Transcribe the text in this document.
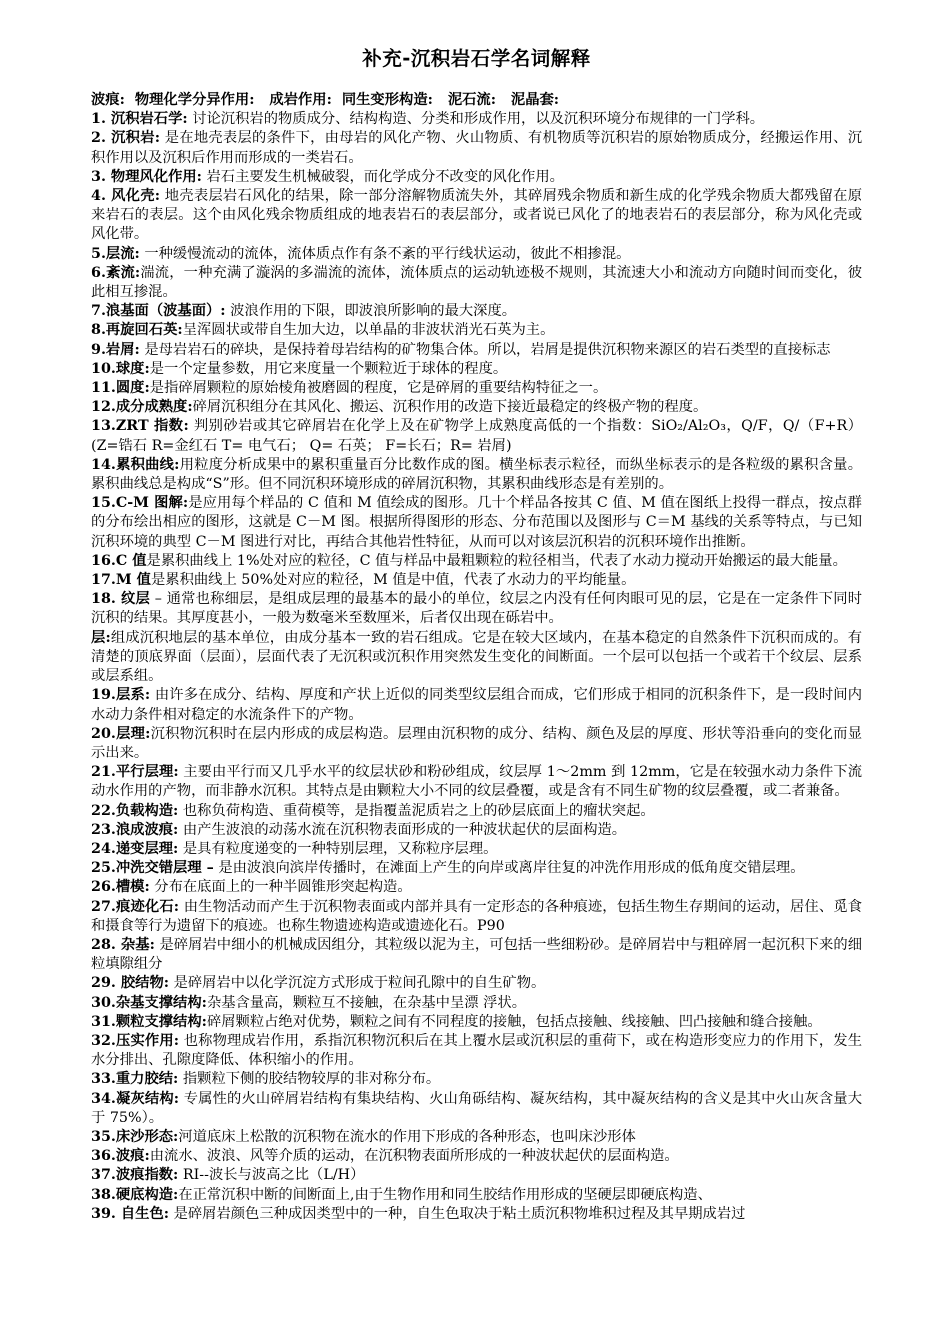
补充-沉积岩石学名词解释
波痕:  物理化学分异作用:   成岩作用:  同生变形构造:   泥石流:   泥晶套:

1. 沉积岩石学: 讨论沉积岩的物质成分、结构构造、分类和形成作用，以及沉积环境分布规律的一门学科。

2. 沉积岩: 是在地壳表层的条件下，由母岩的风化产物、火山物质、有机物质等沉积岩的原始物质成分，经搬运作用、沉积作用以及沉积后作用而形成的一类岩石。

3. 物理风化作用: 岩石主要发生机械破裂，而化学成分不改变的风化作用。

4. 风化壳: 地壳表层岩石风化的结果，除一部分溶解物质流失外，其碎屑残余物质和新生成的化学残余物质大都残留在原来岩石的表层。这个由风化残余物质组成的地表岩石的表层部分，或者说已风化了的地表岩石的表层部分，称为风化壳或风化带。

5.层流: 一种缓慢流动的流体，流体质点作有条不紊的平行线状运动，彼此不相掺混。

6.紊流:湍流，一种充满了漩涡的多湍流的流体，流体质点的运动轨迹极不规则，其流速大小和流动方向随时间而变化，彼此相互掺混。

7.浪基面（波基面）: 波浪作用的下限，即波浪所影响的最大深度。

8.再旋回石英:呈浑圆状或带自生加大边，以单晶的非波状消光石英为主。

9.岩屑: 是母岩岩石的碎块，是保持着母岩结构的矿物集合体。所以，岩屑是提供沉积物来源区的岩石类型的直接标志

10.球度:是一个定量参数，用它来度量一个颗粒近于球体的程度。

11.圆度:是指碎屑颗粒的原始棱角被磨圆的程度，它是碎屑的重要结构特征之一。

12.成分成熟度:碎屑沉积组分在其风化、搬运、沉积作用的改造下接近最稳定的终极产物的程度。

13.ZRT 指数: 判别砂岩或其它碎屑岩在化学上及在矿物学上成熟度高低的一个指数：SiO₂/Al₂O₃，Q/F，Q/（F+R）(Z=锆石 R=金红石 T= 电气石； Q= 石英； F=长石；R= 岩屑)

14.累积曲线:用粒度分析成果中的累积重量百分比数作成的图。横坐标表示粒径，而纵坐标表示的是各粒级的累积含量。累积曲线总是构成“S”形。但不同沉积环境形成的碎屑沉积物，其累积曲线形态是有差别的。

15.C-M 图解:是应用每个样品的 C 值和 M 值绘成的图形。几十个样品各按其 C 值、M 值在图纸上投得一群点，按点群的分布绘出相应的图形，这就是 C－M 图。根据所得图形的形态、分布范围以及图形与 C＝M 基线的关系等特点，与已知沉积环境的典型 C－M 图进行对比，再结合其他岩性特征，从而可以对该层沉积岩的沉积环境作出推断。

16.C 值是累积曲线上 1%处对应的粒径，C 值与样品中最粗颗粒的粒径相当，代表了水动力搅动开始搬运的最大能量。

17.M 值是累积曲线上 50%处对应的粒径，M 值是中值，代表了水动力的平均能量。

18. 纹层 – 通常也称细层，是组成层理的最基本的最小的单位，纹层之内没有任何肉眼可见的层，它是在一定条件下同时沉积的结果。其厚度甚小，一般为数毫米至数厘米，后者仅出现在砾岩中。

层:组成沉积地层的基本单位，由成分基本一致的岩石组成。它是在较大区域内，在基本稳定的自然条件下沉积而成的。有清楚的顶底界面（层面），层面代表了无沉积或沉积作用突然发生变化的间断面。一个层可以包括一个或若干个纹层、层系或层系组。

19.层系: 由许多在成分、结构、厚度和产状上近似的同类型纹层组合而成，它们形成于相同的沉积条件下，是一段时间内水动力条件相对稳定的水流条件下的产物。

20.层理:沉积物沉积时在层内形成的成层构造。层理由沉积物的成分、结构、颜色及层的厚度、形状等沿垂向的变化而显示出来。

21.平行层理: 主要由平行而又几乎水平的纹层状砂和粉砂组成，纹层厚 1～2mm 到 12mm，它是在较强水动力条件下流动水作用的产物，而非静水沉积。其特点是由颗粒大小不同的纹层叠覆，或是含有不同生矿物的纹层叠覆，或二者兼备。

22.负载构造: 也称负荷构造、重荷模等，是指覆盖泥质岩之上的砂层底面上的瘤状突起。

23.浪成波痕: 由产生波浪的动荡水流在沉积物表面形成的一种波状起伏的层面构造。

24.递变层理: 是具有粒度递变的一种特别层理，又称粒序层理。

25.冲洗交错层理 – 是由波浪向滨岸传播时，在滩面上产生的向岸或离岸往复的冲洗作用形成的低角度交错层理。

26.槽模: 分布在底面上的一种半圆锥形突起构造。

27.痕迹化石: 由生物活动而产生于沉积物表面或内部并具有一定形态的各种痕迹，包括生物生存期间的运动，居住、觅食和摄食等行为遗留下的痕迹。也称生物遗迹构造或遗迹化石。P90

28. 杂基: 是碎屑岩中细小的机械成因组分，其粒级以泥为主，可包括一些细粉砂。是碎屑岩中与粗碎屑一起沉积下来的细粒填隙组分

29. 胶结物: 是碎屑岩中以化学沉淀方式形成于粒间孔隙中的自生矿物。

30.杂基支撑结构:杂基含量高，颗粒互不接触，在杂基中呈漂 浮状。

31.颗粒支撑结构:碎屑颗粒占绝对优势，颗粒之间有不同程度的接触，包括点接触、线接触、凹凸接触和缝合接触。

32.压实作用: 也称物理成岩作用，系指沉积物沉积后在其上覆水层或沉积层的重荷下，或在构造形变应力的作用下，发生水分排出、孔隙度降低、体积缩小的作用。

33.重力胶结: 指颗粒下侧的胶结物较厚的非对称分布。

34.凝灰结构: 专属性的火山碎屑岩结构有集块结构、火山角砾结构、凝灰结构，其中凝灰结构的含义是其中火山灰含量大于 75%）。

35.床沙形态:河道底床上松散的沉积物在流水的作用下形成的各种形态，也叫床沙形体

36.波痕:由流水、波浪、风等介质的运动，在沉积物表面所形成的一种波状起伏的层面构造。

37.波痕指数: RI--波长与波高之比（L/H）

38.硬底构造:在正常沉积中断的间断面上,由于生物作用和同生胶结作用形成的坚硬层即硬底构造、

39. 自生色: 是碎屑岩颜色三种成因类型中的一种，自生色取决于粘土质沉积物堆积过程及其早期成岩过
